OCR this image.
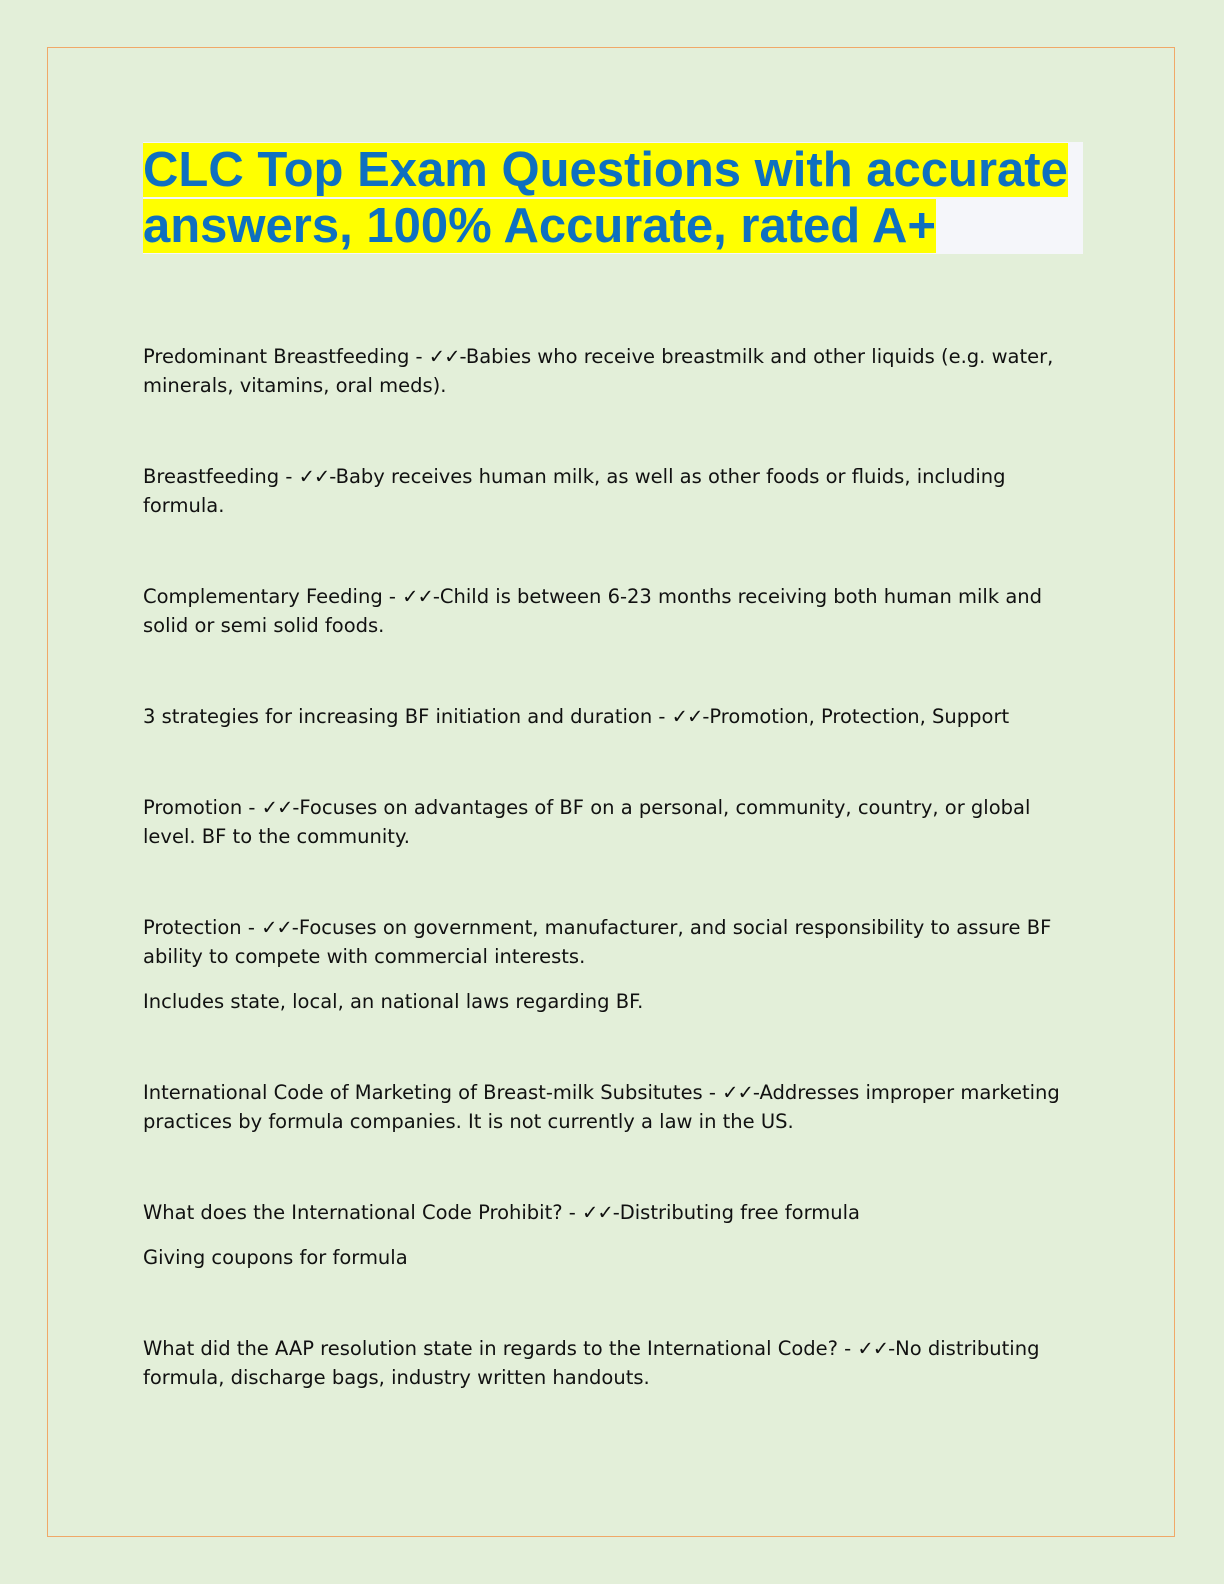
CLC Top Exam Questions with accurate answers, 100% Accurate, rated A+

Predominant Breastfeeding - ✓✓-Babies who receive breastmilk and other liquids (e.g. water, minerals, vitamins, oral meds).

Breastfeeding - ✓✓-Baby receives human milk, as well as other foods or fluids, including formula.

Complementary Feeding - ✓✓-Child is between 6-23 months receiving both human milk and solid or semi solid foods.

3 strategies for increasing BF initiation and duration - ✓✓-Promotion, Protection, Support

Promotion - ✓✓-Focuses on advantages of BF on a personal, community, country, or global level. BF to the community.

Protection - ✓✓-Focuses on government, manufacturer, and social responsibility to assure BF ability to compete with commercial interests.

Includes state, local, an national laws regarding BF.

International Code of Marketing of Breast-milk Subsitutes - ✓✓-Addresses improper marketing practices by formula companies. It is not currently a law in the US.

What does the International Code Prohibit? - ✓✓-Distributing free formula

Giving coupons for formula

What did the AAP resolution state in regards to the International Code? - ✓✓-No distributing formula, discharge bags, industry written handouts.
